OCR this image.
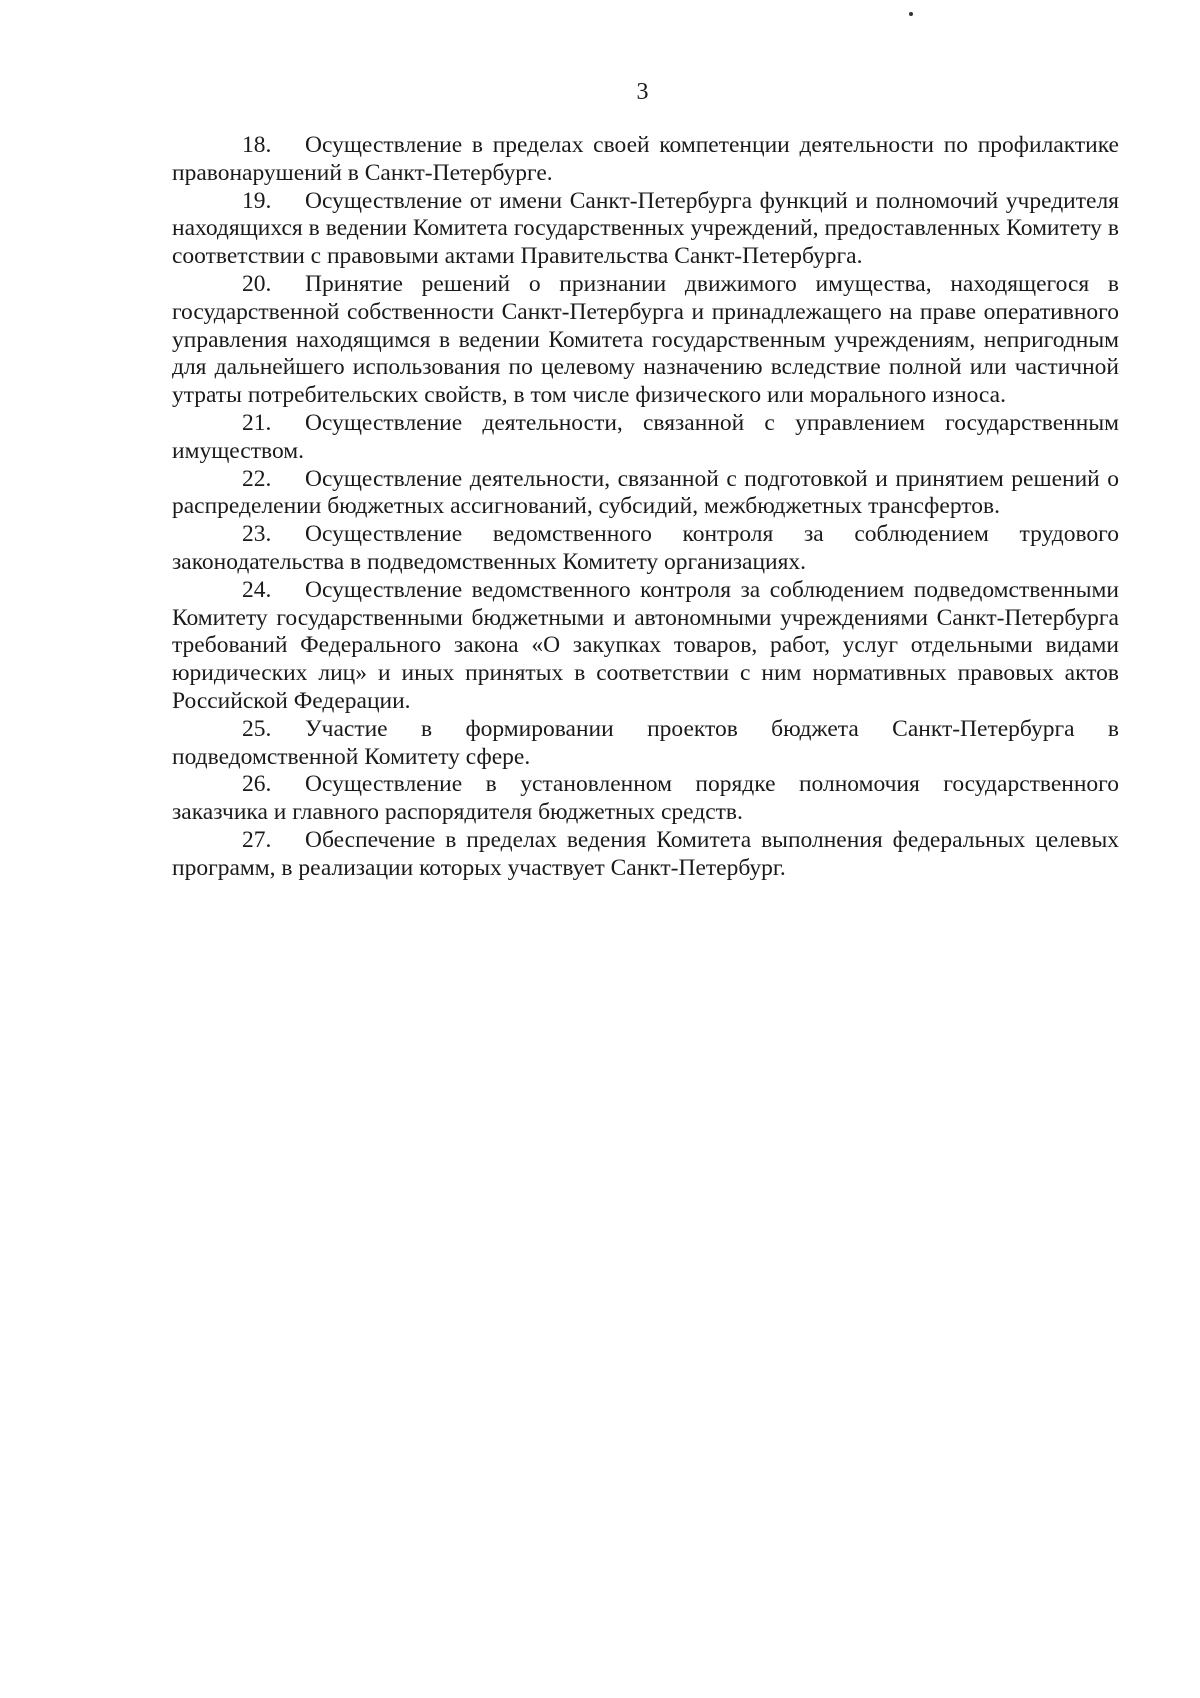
3

18. Осуществление в пределах своей компетенции деятельности по профилактике правонарушений в Санкт-Петербурге.

19. Осуществление от имени Санкт-Петербурга функций и полномочий учредителя находящихся в ведении Комитета государственных учреждений, предоставленных Комитету в соответствии с правовыми актами Правительства Санкт-Петербурга.

20. Принятие решений о признании движимого имущества, находящегося в государственной собственности Санкт-Петербурга и принадлежащего на праве оперативного управления находящимся в ведении Комитета государственным учреждениям, непригодным для дальнейшего использования по целевому назначению вследствие полной или частичной утраты потребительских свойств, в том числе физического или морального износа.

21. Осуществление деятельности, связанной с управлением государственным имуществом.

22. Осуществление деятельности, связанной с подготовкой и принятием решений о распределении бюджетных ассигнований, субсидий, межбюджетных трансфертов.

23. Осуществление ведомственного контроля за соблюдением трудового законодательства в подведомственных Комитету организациях.

24. Осуществление ведомственного контроля за соблюдением подведомственными Комитету государственными бюджетными и автономными учреждениями Санкт-Петербурга требований Федерального закона «О закупках товаров, работ, услуг отдельными видами юридических лиц» и иных принятых в соответствии с ним нормативных правовых актов Российской Федерации.

25. Участие в формировании проектов бюджета Санкт-Петербурга в подведомственной Комитету сфере.

26. Осуществление в установленном порядке полномочия государственного заказчика и главного распорядителя бюджетных средств.

27. Обеспечение в пределах ведения Комитета выполнения федеральных целевых программ, в реализации которых участвует Санкт-Петербург.
